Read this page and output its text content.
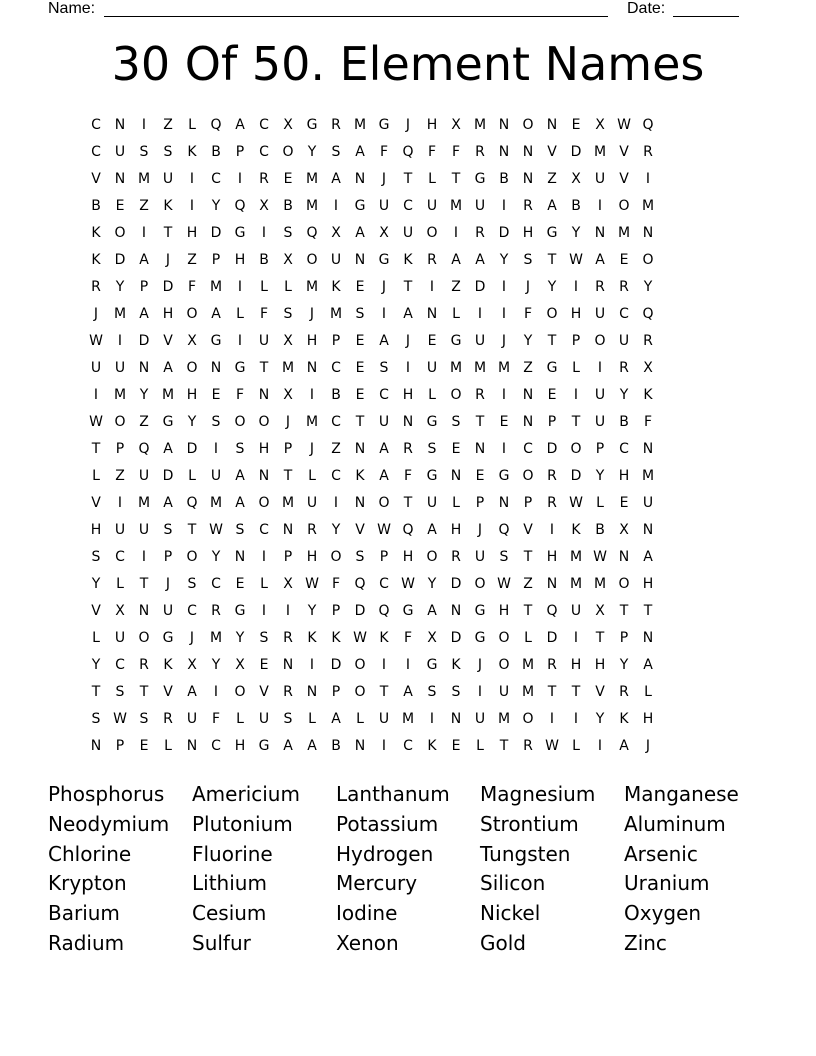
Name:	Date:
30 Of 50. Element Names
C N	I	Z	L	Q A	C	X G R M G	J	H X M N O N	E	X W Q
C U	S	S	K	B	P	C O	Y	S	A	F	Q	F	F	R N N V D M V	R
V N M U	I	C	I	R	E M A N	J	T	L	T	G B N Z	X	U	V	I
B	E	Z	K	I	Y	Q X	B M	I	G U C U M U	I	R	A	B	I	O M
K O	I	T	H D G	I	S	Q X	A	X	U O	I	R D H G	Y	N M N
K	D A	J	Z	P	H B	X O U N G K	R	A	A	Y	S	T W A	E	O
R	Y	P	D	F M	I	L	L	M K	E	J	T	I	Z D	I	J	Y	I	R	R	Y
J	M A H O A	L	F	S	J	M S	I	A N	L	I	I	F	O H U C Q
W	I	D V	X G	I	U	X H	P	E	A	J	E	G U	J	Y	T	P	O U	R
U U N A O N G	T M N C	E	S	I	U M M M Z G	L	I	R	X
I	M Y M H	E	F	N X	I	B	E	C H	L	O R	I	N	E	I	U	Y	K
W O Z G	Y	S	O O	J	M C	T	U N G	S	T	E	N	P	T	U	B	F
T	P	Q A D	I	S	H	P	J	Z N A	R	S	E	N	I	C D O	P	C N
L	Z	U D	L	U	A N	T	L	C	K	A	F	G N	E	G O R D	Y	H M
V	I	M A Q M A O M U	I	N O	T	U	L	P	N	P	R W L	E	U
H U U	S	T W S	C N R	Y	V W Q A H	J	Q V	I	K	B	X N
S	C	I	P	O	Y	N	I	P	H O	S	P	H O R	U	S	T	H M W N A
Y	L	T	J	S	C	E	L	X W F	Q C W Y	D O W Z N M M O H
V	X N U C	R G	I	I	Y	P	D Q G A N G H	T	Q U	X	T	T
L	U O G	J	M Y	S	R	K	K W K	F	X D G O	L	D	I	T	P	N
Y	C	R	K	X	Y	X	E	N	I	D O	I	I	G K	J	O M R H H	Y	A
T	S	T	V	A	I	O V	R N	P	O	T	A	S	S	I	U M T	T	V	R	L
S W S	R	U	F	L	U	S	L	A	L	U M	I	N U M O	I	I	Y	K	H
N	P	E	L	N C H G A	A	B N	I	C	K	E	L	T	R W L	I	A	J
Phosphorus	Americium	Lanthanum	Magnesium	Manganese
Neodymium	Plutonium	Potassium	Strontium	Aluminum
Chlorine	Fluorine	Hydrogen	Tungsten	Arsenic
Krypton	Lithium	Mercury	Silicon	Uranium
Barium	Cesium	Iodine	Nickel	Oxygen
Radium	Sulfur	Xenon	Gold	Zinc
